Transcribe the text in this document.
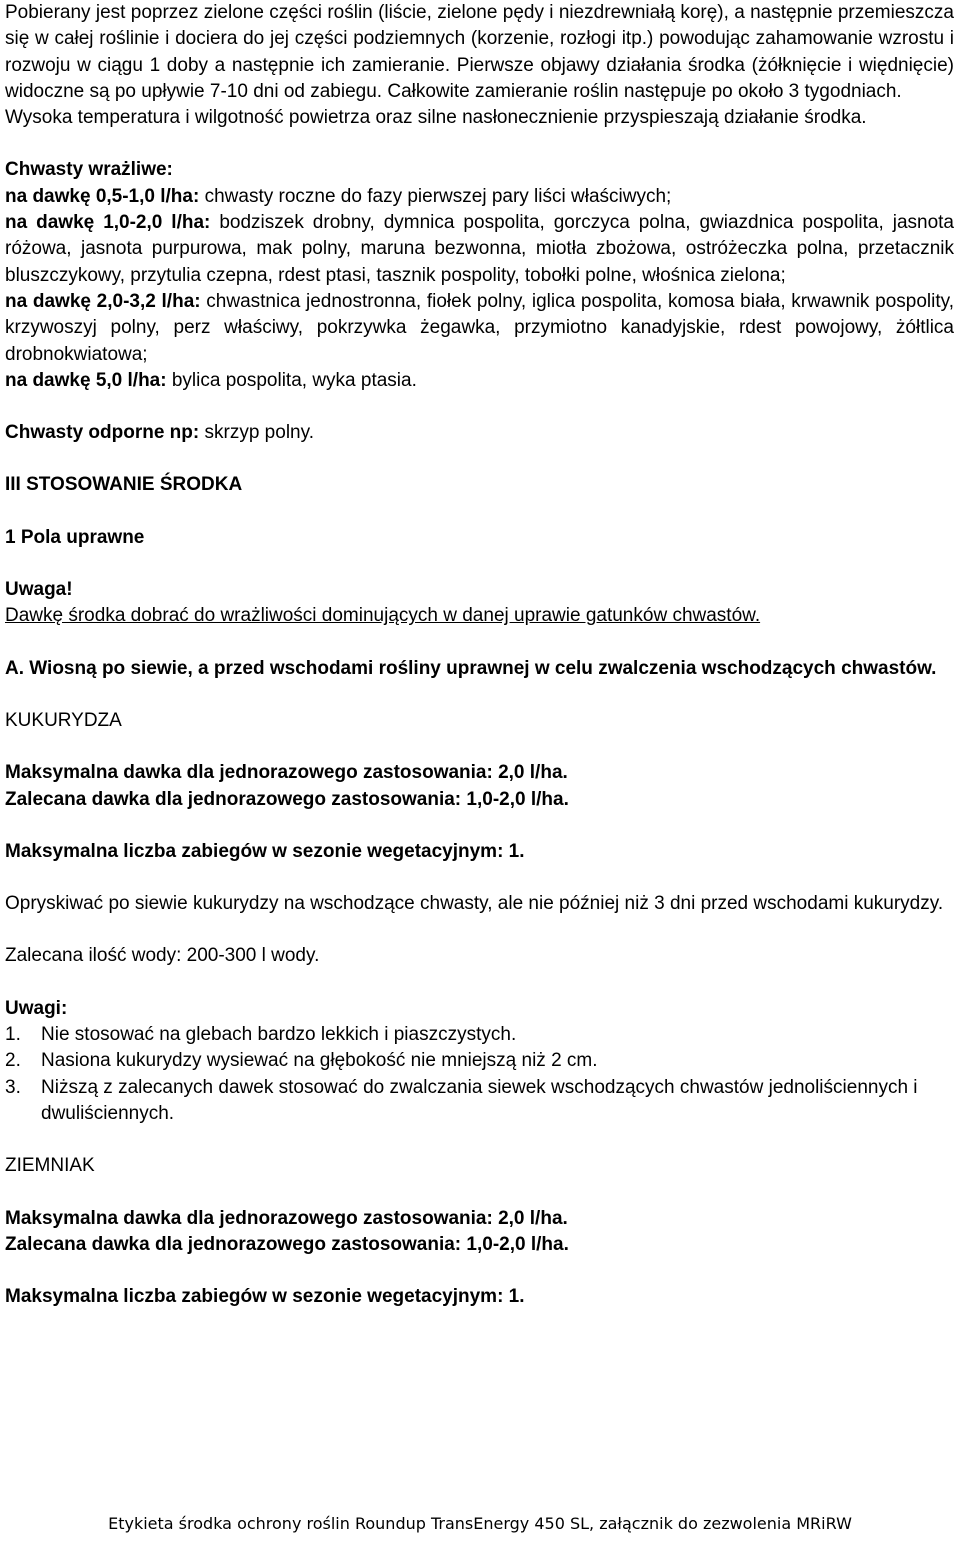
Pobierany jest poprzez zielone części roślin (liście, zielone pędy i niezdrewniałą korę), a następnie przemieszcza się w całej roślinie i dociera do jej części podziemnych (korzenie, rozłogi itp.) powodując zahamowanie wzrostu i rozwoju w ciągu 1 doby a następnie ich zamieranie. Pierwsze objawy działania środka (żółknięcie i więdnięcie) widoczne są po upływie 7-10 dni od zabiegu. Całkowite zamieranie roślin następuje po około 3 tygodniach.

Wysoka temperatura i wilgotność powietrza oraz silne nasłonecznienie przyspieszają działanie środka.

Chwasty wrażliwe:

na dawkę 0,5-1,0 l/ha: chwasty roczne do fazy pierwszej pary liści właściwych;

na dawkę 1,0-2,0 l/ha: bodziszek drobny, dymnica pospolita, gorczyca polna, gwiazdnica pospolita, jasnota różowa, jasnota purpurowa, mak polny, maruna bezwonna, miotła zbożowa, ostróżeczka polna, przetacznik bluszczykowy, przytulia czepna, rdest ptasi, tasznik pospolity, tobołki polne, włośnica zielona;

na dawkę 2,0-3,2 l/ha: chwastnica jednostronna, fiołek polny, iglica pospolita, komosa biała, krwawnik pospolity, krzywoszyj polny, perz właściwy, pokrzywka żegawka, przymiotno kanadyjskie, rdest powojowy, żółtlica drobnokwiatowa;

na dawkę 5,0 l/ha: bylica pospolita, wyka ptasia.

Chwasty odporne np: skrzyp polny.

III STOSOWANIE ŚRODKA

1 Pola uprawne

Uwaga!

Dawkę środka dobrać do wrażliwości dominujących w danej uprawie gatunków chwastów.

A. Wiosną po siewie, a przed wschodami rośliny uprawnej w celu zwalczenia wschodzących chwastów.

KUKURYDZA

Maksymalna dawka dla jednorazowego zastosowania: 2,0 l/ha.

Zalecana dawka dla jednorazowego zastosowania: 1,0-2,0 l/ha.

Maksymalna liczba zabiegów w sezonie wegetacyjnym: 1.

Opryskiwać po siewie kukurydzy na wschodzące chwasty, ale nie później niż 3 dni przed wschodami kukurydzy.

Zalecana ilość wody: 200-300 l wody.

Uwagi:

1.	Nie stosować na glebach bardzo lekkich i piaszczystych.
2.	Nasiona kukurydzy wysiewać na głębokość nie mniejszą niż 2 cm.
3.	Niższą z zalecanych dawek stosować do zwalczania siewek wschodzących chwastów jednoliściennych i dwuliściennych.

ZIEMNIAK

Maksymalna dawka dla jednorazowego zastosowania: 2,0 l/ha.

Zalecana dawka dla jednorazowego zastosowania: 1,0-2,0 l/ha.

Maksymalna liczba zabiegów w sezonie wegetacyjnym: 1.

Etykieta środka ochrony roślin Roundup TransEnergy 450 SL, załącznik do zezwolenia MRiRW
